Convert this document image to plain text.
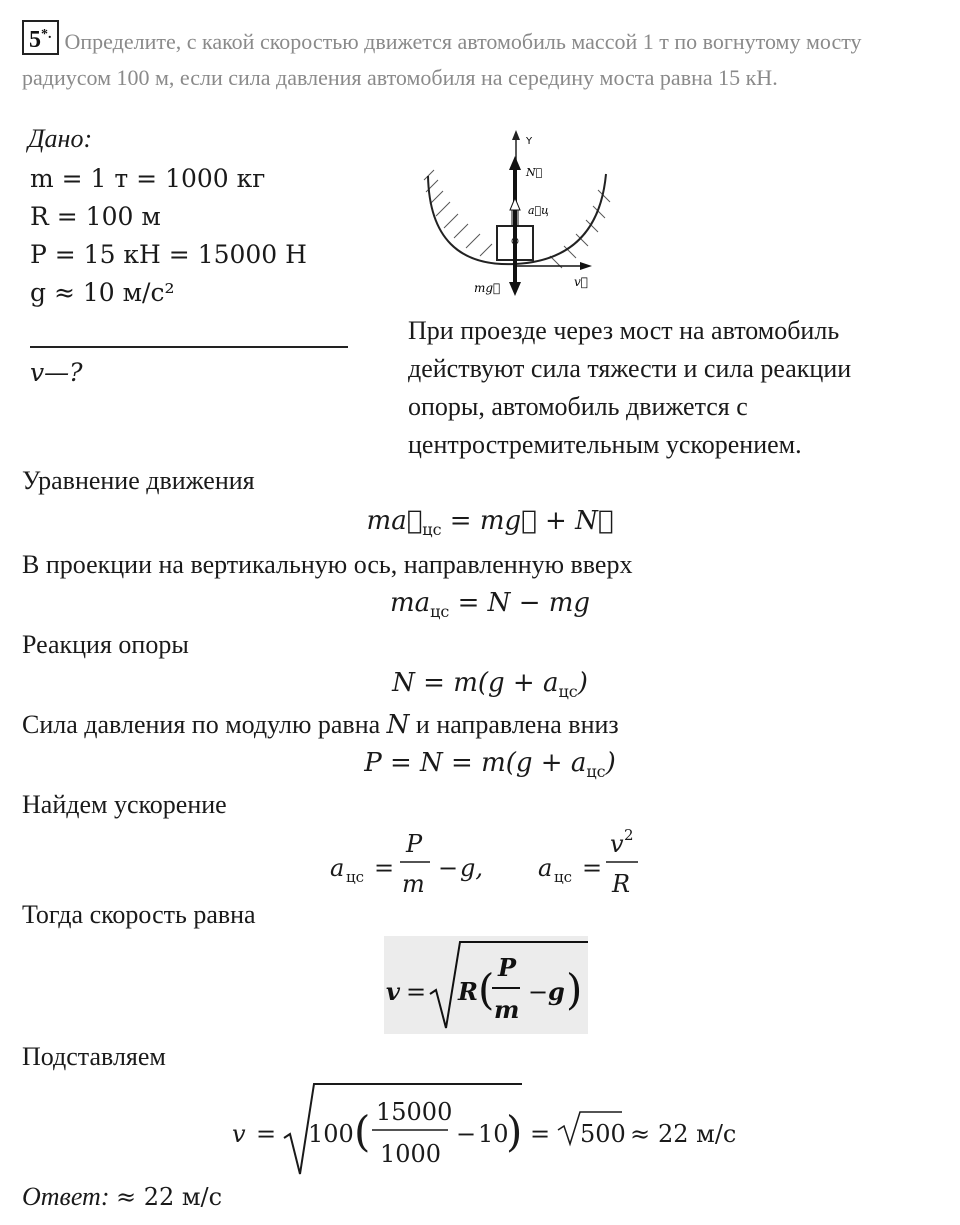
5*. Определите, с какой скоростью движется автомобиль массой 1 т по вогнутому мосту радиусом 100 м, если сила давления автомобиля на середину моста равна 15 кН.
Дано:
m = 1 т = 1000 кг
R = 100 м
P = 15 кН = 15000 Н
g ≈ 10 м/с²
v—?
Y
N⃗
a⃗ц
mg⃗	v⃗
При проезде через мост на автомобиль действуют сила тяжести и сила реакции опоры, автомобиль движется с центростремительным ускорением.
Уравнение движения
$ma⃗_{цс}$ = mg⃗ + N⃗
В проекции на вертикальную ось, направленную вверх
$ma_{цс} = N$ − mg
Реакция опоры
$N = m(g + a_{цс})$
Сила давления по модулю равна N и направлена вниз
$P = N = m(g + a_{цс})$
Найдем ускорение
a цс =
P
m
− g, a цс =
v 2
R
Тогда скорость равна
v = R ( P
m
− g )
Подставляем
v = 100 ( 15000
1000
− 10
) = 500 ≈ 22 м/с
Ответ: ≈ 22 м/с
